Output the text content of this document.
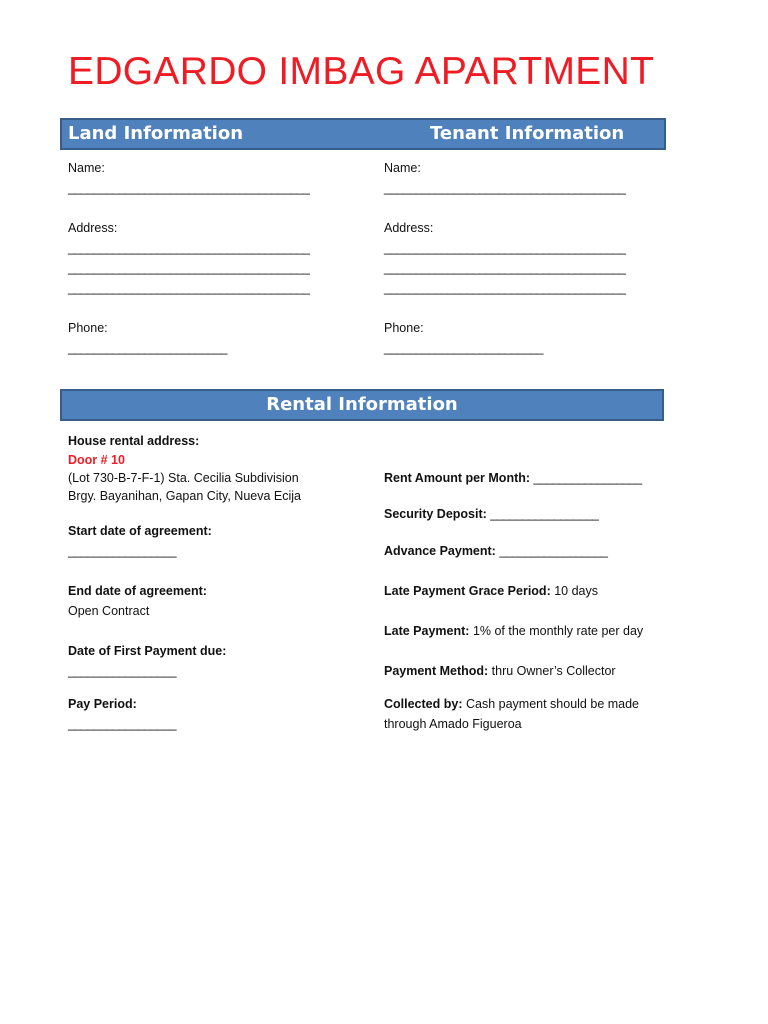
EDGARDO IMBAG APARTMENT
Land Information	Tenant Information
Name:
______________________________________
Address:
______________________________________
______________________________________
______________________________________
Phone:
_________________________
Name:
______________________________________
Address:
______________________________________
______________________________________
______________________________________
Phone:
_________________________
Rental Information
House rental address:
Door # 10
(Lot 730-B-7-F-1) Sta. Cecilia Subdivision
Brgy. Bayanihan, Gapan City, Nueva Ecija
Start date of agreement:
_________________
End date of agreement:
Open Contract
Date of First Payment due:
_________________
Pay Period:
_________________
Rent Amount per Month: _________________
Security Deposit: _________________
Advance Payment: _________________
Late Payment Grace Period: 10 days
Late Payment: 1% of the monthly rate per day
Payment Method: thru Owner’s Collector
Collected by: Cash payment should be made
through Amado Figueroa
